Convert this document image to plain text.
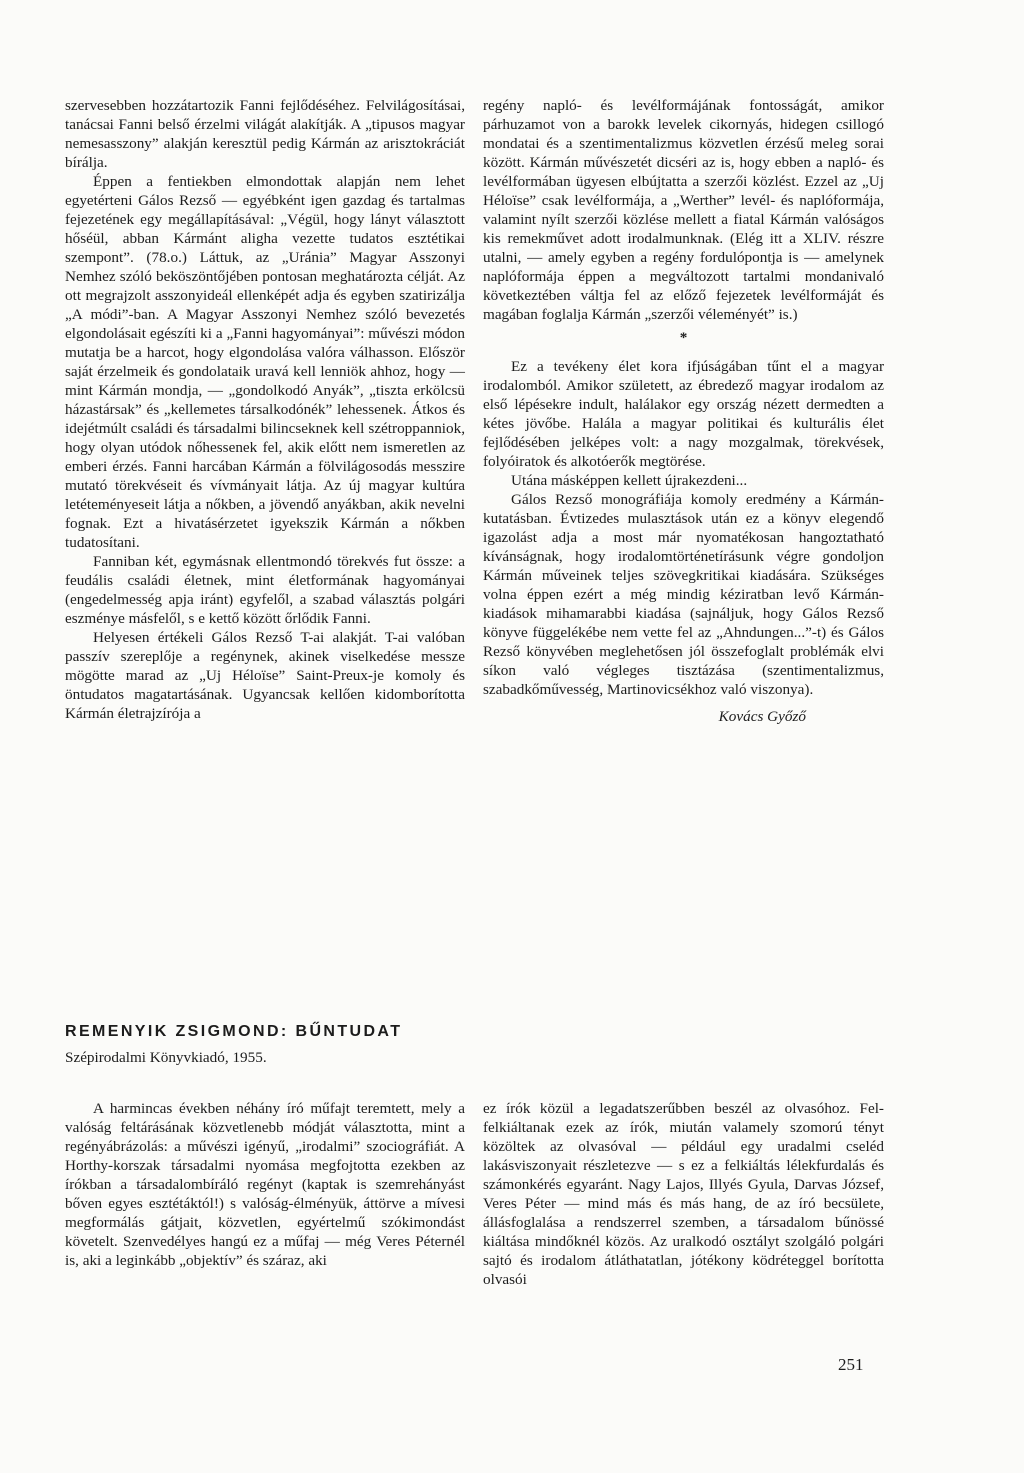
szervesebben hozzátartozik Fanni fejlődéséhez. Felvilágosításai, tanácsai Fanni belső érzelmi világát alakítják. A „tipusos magyar nemesasszony” alakján keresztül pedig Kármán az arisztokráciát bírálja.

Éppen a fentiekben elmondottak alapján nem lehet egyetérteni Gálos Rezső — egyébként igen gazdag és tartalmas fejezetének egy megállapításával: „Végül, hogy lányt választott hőséül, abban Kármánt aligha vezette tudatos esztétikai szempont”. (78.o.) Láttuk, az „Uránia” Magyar Asszonyi Nemhez szóló beköszöntőjében pontosan meghatározta célját. Az ott megrajzolt asszonyideál ellenképét adja és egyben szatirizálja „A módi”-ban. A Magyar Asszonyi Nemhez szóló bevezetés elgondolásait egészíti ki a „Fanni hagyományai”: művészi módon mutatja be a harcot, hogy elgondolása valóra válhasson. Először saját érzelmeik és gondolataik uravá kell lenniök ahhoz, hogy — mint Kármán mondja, — „gondolkodó Anyák”, „tiszta erkölcsü házastársak” és „kellemetes társalkodónék” lehessenek. Átkos és idejétmúlt családi és társadalmi bilincseknek kell szétroppanniok, hogy olyan utódok nőhessenek fel, akik előtt nem ismeretlen az emberi érzés. Fanni harcában Kármán a fölvilágosodás messzire mutató törekvéseit és vívmányait látja. Az új magyar kultúra letéteményeseit látja a nőkben, a jövendő anyákban, akik nevelni fognak. Ezt a hivatásérzetet igyekszik Kármán a nőkben tudatosítani.

Fanniban két, egymásnak ellentmondó törekvés fut össze: a feudális családi életnek, mint életformának hagyományai (engedelmesség apja iránt) egyfelől, a szabad választás polgári eszménye másfelől, s e kettő között őrlődik Fanni.

Helyesen értékeli Gálos Rezső T-ai alakját. T-ai valóban passzív szereplője a regénynek, akinek viselkedése messze mögötte marad az „Uj Héloïse” Saint-Preux-je komoly és öntudatos magatartásának. Ugyancsak kellően kidomborította Kármán életrajzírója a

regény napló- és levélformájának fontosságát, amikor párhuzamot von a barokk levelek cikornyás, hidegen csillogó mondatai és a szentimentalizmus közvetlen érzésű meleg sorai között. Kármán művészetét dicséri az is, hogy ebben a napló- és levélformában ügyesen elbújtatta a szerzői közlést. Ezzel az „Uj Héloïse” csak levélformája, a „Werther” levél- és naplóformája, valamint nyílt szerzői közlése mellett a fiatal Kármán valóságos kis remekművet adott irodalmunknak. (Elég itt a XLIV. részre utalni, — amely egyben a regény fordulópontja is — amelynek naplóformája éppen a megváltozott tartalmi mondanivaló következtében váltja fel az előző fejezetek levélformáját és magában foglalja Kármán „szerzői véleményét” is.)

*

Ez a tevékeny élet kora ifjúságában tűnt el a magyar irodalomból. Amikor született, az ébredező magyar irodalom az első lépésekre indult, halálakor egy ország nézett dermedten a kétes jövőbe. Halála a magyar politikai és kulturális élet fejlődésében jelképes volt: a nagy mozgalmak, törekvések, folyóiratok és alkotóerők megtörése.

Utána másképpen kellett újrakezdeni...

Gálos Rezső monográfiája komoly eredmény a Kármán-kutatásban. Évtizedes mulasztások után ez a könyv elegendő igazolást adja a most már nyomatékosan hangoztatható kívánságnak, hogy irodalomtörténetírásunk végre gondoljon Kármán műveinek teljes szövegkritikai kiadására. Szükséges volna éppen ezért a még mindig kéziratban levő Kármán-kiadások mihamarabbi kiadása (sajnáljuk, hogy Gálos Rezső könyve függelékébe nem vette fel az „Ahndungen...”-t) és Gálos Rezső könyvében meglehetősen jól összefoglalt problémák elvi síkon való végleges tisztázása (szentimentalizmus, szabadkőművesség, Martinovicsékhoz való viszonya).

Kovács Győző
REMENYIK ZSIGMOND: BŰNTUDAT
Szépirodalmi Könyvkiadó, 1955.

A harmincas években néhány író műfajt teremtett, mely a valóság feltárásának közvetlenebb módját választotta, mint a regényábrázolás: a művészi igényű, „irodalmi” szociográfiát. A Horthy-korszak társadalmi nyomása megfojtotta ezekben az írókban a társadalombíráló regényt (kaptak is szemrehányást bőven egyes esztétáktól!) s valóság-élményük, áttörve a mívesi megformálás gátjait, közvetlen, egyértelmű szókimondást követelt. Szenvedélyes hangú ez a műfaj — még Veres Péternél is, aki a leginkább „objektív” és száraz, aki

ez írók közül a legadatszerűbben beszél az olvasóhoz. Fel-felkiáltanak ezek az írók, miután valamely szomorú tényt közöltek az olvasóval — például egy uradalmi cseléd lakásviszonyait részletezve — s ez a felkiáltás lélekfurdalás és számonkérés egyaránt. Nagy Lajos, Illyés Gyula, Darvas József, Veres Péter — mind más és más hang, de az író becsülete, állásfoglalása a rendszerrel szemben, a társadalom bűnössé kiáltása mindőknél közös. Az uralkodó osztályt szolgáló polgári sajtó és irodalom átláthatatlan, jótékony ködréteggel borította olvasói

251
